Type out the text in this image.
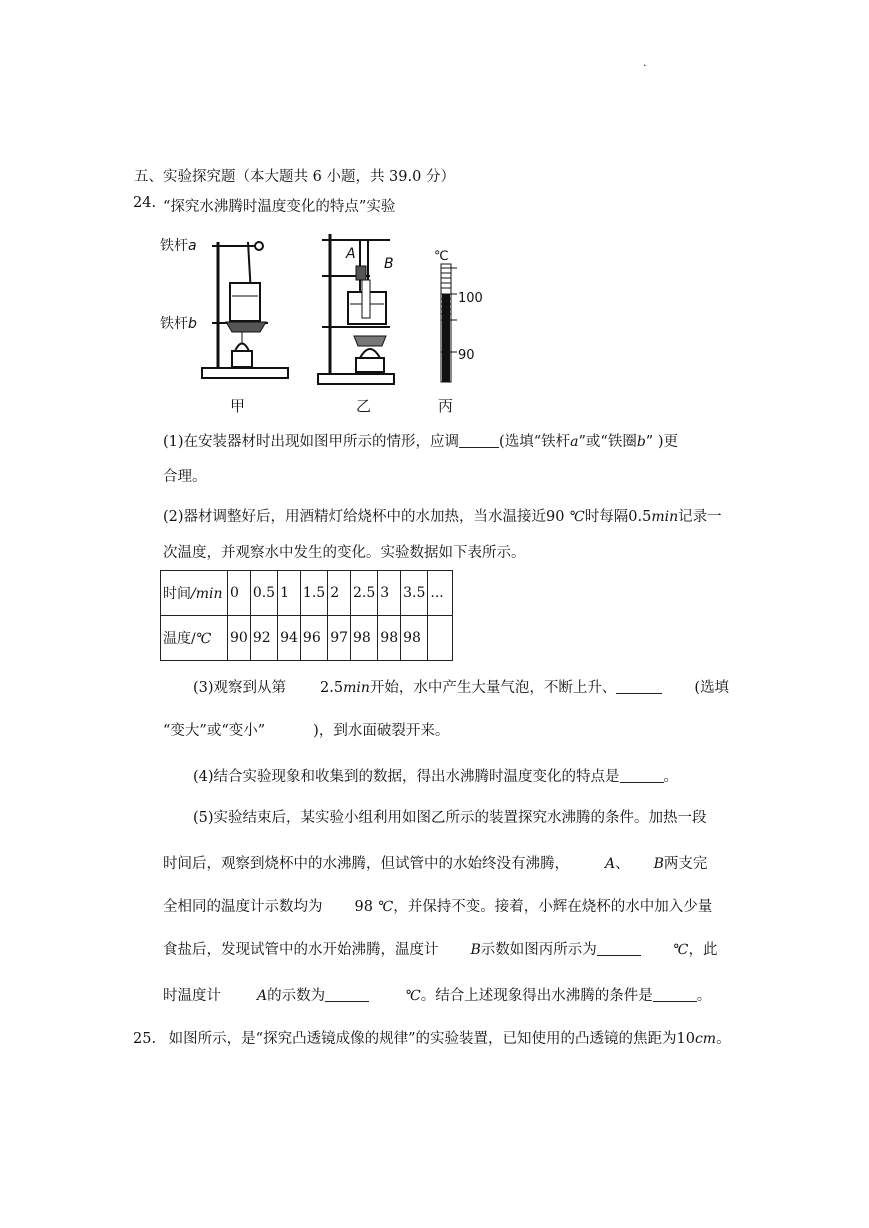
.
五、实验探究题（本大题共 6 小题，共 39.0 分）
24. “探究水沸腾时温度变化的特点”实验
铁杆a
铁杆b
甲
A
B
乙
℃
100
90
丙
(1)在安装器材时出现如图甲所示的情形，应调	(选填“铁杆a”或“铁圈b” )更
合理。
(2)器材调整好后，用酒精灯给烧杯中的水加热，当水温接近90 ℃时每隔0.5min记录一
次温度，并观察水中发生的变化。实验数据如下表所示。
时间/min	0	0.5	1	1.5	2	2.5	3	3.5	...
温度/℃	90	92	94	96	97	98	98	98	
(3)观察到从第 2.5min开始，水中产生大量气泡，不断上升、	(选填
“变大”或“变小”	)，到水面破裂开来。
(4)结合实验现象和收集到的数据，得出水沸腾时温度变化的特点是	。
(5)实验结束后，某实验小组利用如图乙所示的装置探究水沸腾的条件。加热一段
时间后，观察到烧杯中的水沸腾，但试管中的水始终没有沸腾，	A、 B两支完
全相同的温度计示数均为 98 ℃，并保持不变。接着，小辉在烧杯的水中加入少量
食盐后，发现试管中的水开始沸腾，温度计 B示数如图丙所示为	℃，此
时温度计	A的示数为	℃。结合上述现象得出水沸腾的条件是	。
25. 如图所示，是“探究凸透镜成像的规律”的实验装置，已知使用的凸透镜的焦距为10cm。
